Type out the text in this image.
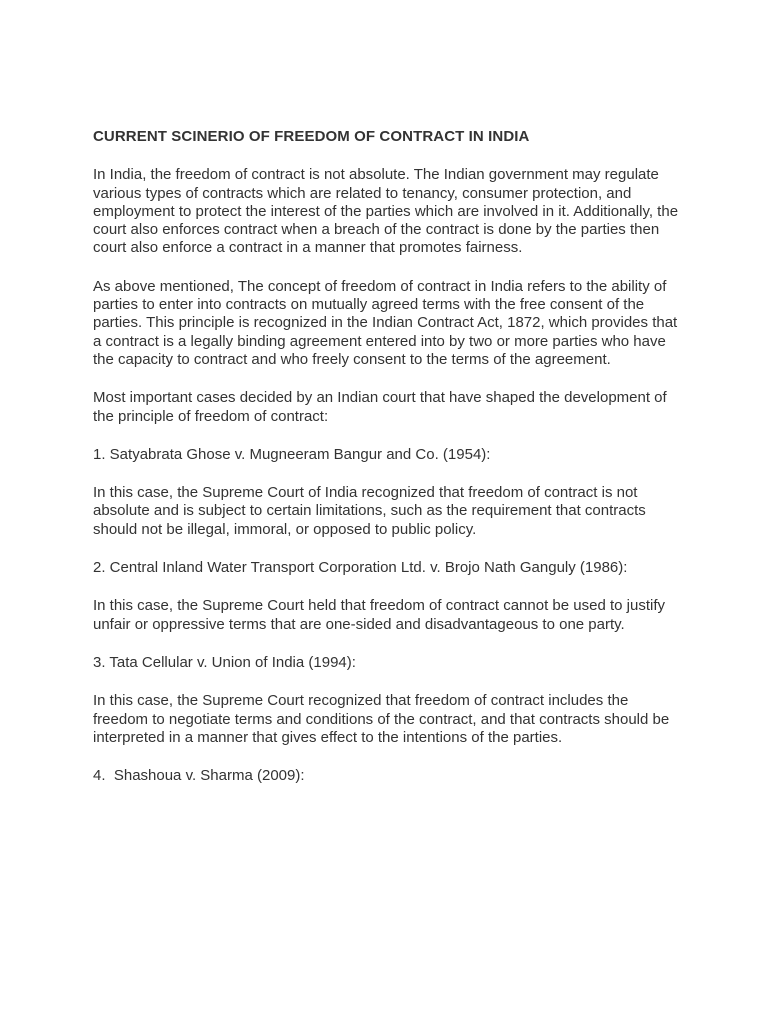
CURRENT SCINERIO OF FREEDOM OF CONTRACT IN INDIA
In India, the freedom of contract is not absolute. The Indian government may regulate various types of contracts which are related to tenancy, consumer protection, and employment to protect the interest of the parties which are involved in it. Additionally, the court also enforces contract when a breach of the contract is done by the parties then court also enforce a contract in a manner that promotes fairness.
As above mentioned, The concept of freedom of contract in India refers to the ability of parties to enter into contracts on mutually agreed terms with the free consent of the parties. This principle is recognized in the Indian Contract Act, 1872, which provides that a contract is a legally binding agreement entered into by two or more parties who have the capacity to contract and who freely consent to the terms of the agreement.
Most important cases decided by an Indian court that have shaped the development of the principle of freedom of contract:
1. Satyabrata Ghose v. Mugneeram Bangur and Co. (1954):
In this case, the Supreme Court of India recognized that freedom of contract is not absolute and is subject to certain limitations, such as the requirement that contracts should not be illegal, immoral, or opposed to public policy.
2. Central Inland Water Transport Corporation Ltd. v. Brojo Nath Ganguly (1986):
In this case, the Supreme Court held that freedom of contract cannot be used to justify unfair or oppressive terms that are one-sided and disadvantageous to one party.
3. Tata Cellular v. Union of India (1994):
In this case, the Supreme Court recognized that freedom of contract includes the freedom to negotiate terms and conditions of the contract, and that contracts should be interpreted in a manner that gives effect to the intentions of the parties.
4.  Shashoua v. Sharma (2009):
